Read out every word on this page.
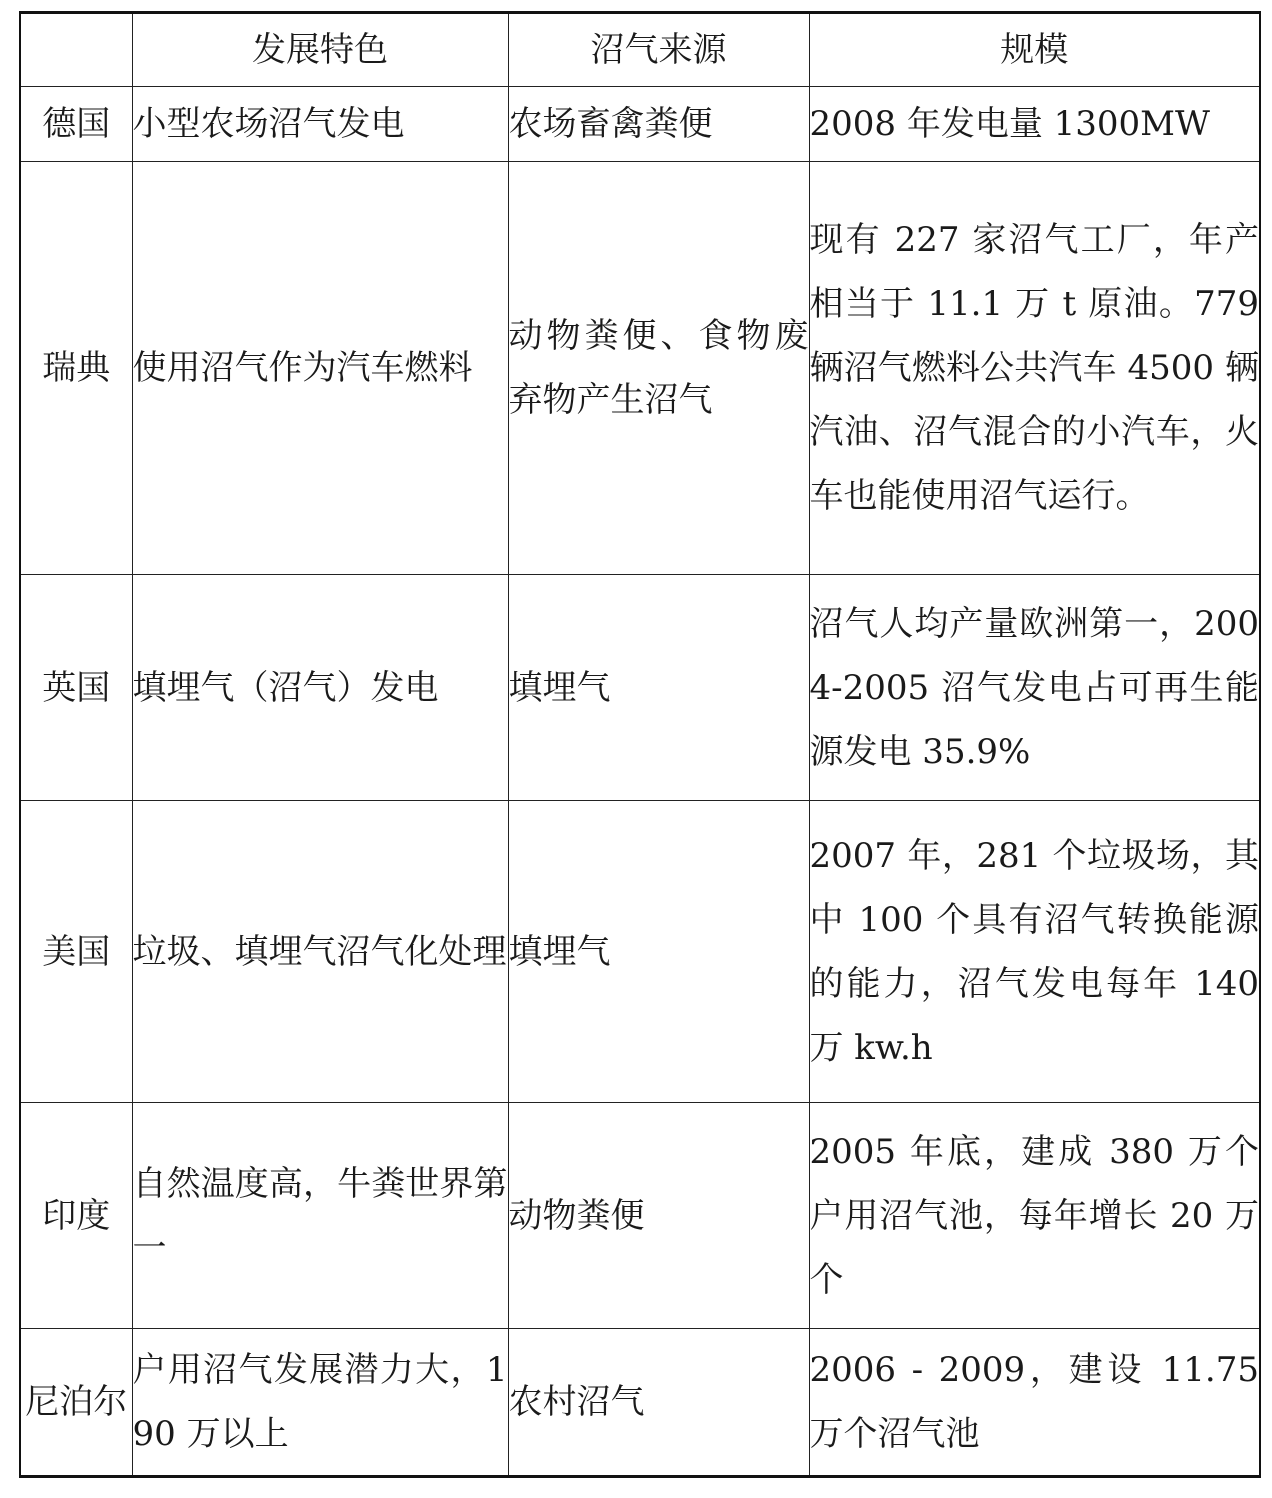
	发展特色	沼气来源	规模
德国	小型农场沼气发电	农场畜禽粪便	2008 年发电量 1300MW
瑞典	使用沼气作为汽车燃料	动物粪便、食物废弃物产生沼气	现有 227 家沼气工厂，年产相当于 11.1 万 t 原油。779 辆沼气燃料公共汽车 4500 辆汽油、沼气混合的小汽车，火车也能使用沼气运行。
英国	填埋气（沼气）发电	填埋气	沼气人均产量欧洲第一，2004-2005 沼气发电占可再生能源发电 35.9%
美国	垃圾、填埋气沼气化处理	填埋气	2007 年，281 个垃圾场，其中 100 个具有沼气转换能源的能力，沼气发电每年 140 万 kw.h
印度	自然温度高，牛粪世界第一	动物粪便	2005 年底，建成 380 万个户用沼气池，每年增长 20 万个
尼泊尔	户用沼气发展潜力大，190 万以上	农村沼气	2006 - 2009，建设 11.75 万个沼气池
